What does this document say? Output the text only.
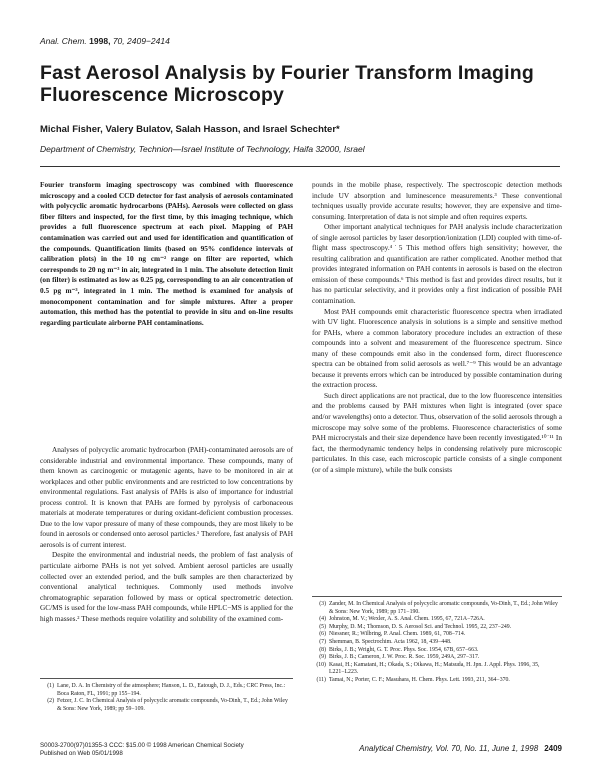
Anal. Chem. 1998, 70, 2409−2414
Fast Aerosol Analysis by Fourier Transform Imaging Fluorescence Microscopy
Michal Fisher, Valery Bulatov, Salah Hasson, and Israel Schechter*
Department of Chemistry, Technion—Israel Institute of Technology, Haifa 32000, Israel
Fourier transform imaging spectroscopy was combined with fluorescence microscopy and a cooled CCD detector for fast analysis of aerosols contaminated with polycyclic aromatic hydrocarbons (PAHs). Aerosols were collected on glass fiber filters and inspected, for the first time, by this imaging technique, which provides a full fluorescence spectrum at each pixel. Mapping of PAH contamination was carried out and used for identification and quantification of the compounds. Quantification limits (based on 95% confidence intervals of calibration plots) in the 10 ng cm⁻² range on filter are reported, which corresponds to 20 ng m⁻³ in air, integrated in 1 min. The absolute detection limit (on filter) is estimated as low as 0.25 pg, corresponding to an air concentration of 0.5 pg m⁻³, integrated in 1 min. The method is examined for analysis of monocomponent contamination and for simple mixtures. After a proper automation, this method has the potential to provide in situ and on-line results regarding particulate airborne PAH contaminations.

Analyses of polycyclic aromatic hydrocarbon (PAH)-contaminated aerosols are of considerable industrial and environmental importance. These compounds, many of them known as carcinogenic or mutagenic agents, have to be monitored in air at workplaces and other public environments and are restricted to low concentrations by environmental regulations. Fast analysis of PAHs is also of importance for industrial process control. It is known that PAHs are formed by pyrolysis of carbonaceous materials at moderate temperatures or during oxidant-deficient combustion processes. Due to the low vapor pressure of many of these compounds, they are most likely to be found in aerosols or condensed onto aerosol particles.¹ Therefore, fast analysis of PAH aerosols is of current interest.

Despite the environmental and industrial needs, the problem of fast analysis of particulate airborne PAHs is not yet solved. Ambient aerosol particles are usually collected over an extended period, and the bulk samples are then characterized by conventional analytical techniques. Commonly used methods involve chromatographic separation followed by mass or optical spectrometric detection. GC/MS is used for the low-mass PAH compounds, while HPLC−MS is applied for the high masses.² These methods require volatility and solubility of the examined com-

pounds in the mobile phase, respectively. The spectroscopic detection methods include UV absorption and luminescence measurements.³ These conventional techniques usually provide accurate results; however, they are expensive and time-consuming. Interpretation of data is not simple and often requires experts.

Other important analytical techniques for PAH analysis include characterization of single aerosol particles by laser desorption/ionization (LDI) coupled with time-of-flight mass spectroscopy.⁴˙5 This method offers high sensitivity; however, the resulting calibration and quantification are rather complicated. Another method that provides integrated information on PAH contents in aerosols is based on the electron emission of these compounds.⁶ This method is fast and provides direct results, but it has no particular selectivity, and it provides only a first indication of possible PAH contamination.

Most PAH compounds emit characteristic fluorescence spectra when irradiated with UV light. Fluorescence analysis in solutions is a simple and sensitive method for PAHs, where a common laboratory procedure includes an extraction of these compounds into a solvent and measurement of the fluorescence spectrum. Since many of these compounds emit also in the condensed form, direct fluorescence spectra can be obtained from solid aerosols as well.⁷⁻⁹ This would be an advantage because it prevents errors which can be introduced by possible contamination during the extraction process.

Such direct applications are not practical, due to the low fluorescence intensities and the problems caused by PAH mixtures when light is integrated (over space and/or wavelengths) onto a detector. Thus, observation of the solid aerosols through a microscope may solve some of the problems. Fluorescence characteristics of some PAH microcrystals and their size dependence have been recently investigated.¹⁰˙¹¹ In fact, the thermodynamic tendency helps in condensing relatively pure microscopic particulates. In this case, each microscopic particle consists of a single component (or of a simple mixture), while the bulk consists

(1) Lane, D. A. In Chemistry of the atmosphere; Hanson, L. D., Eatough, D. J., Eds.; CRC Press, Inc.: Boca Raton, FL, 1991; pp 155−194.
(2) Fetzer, J. C. In Chemical Analysis of polycyclic aromatic compounds, Vo-Dinh, T., Ed.; John Wiley & Sons: New York, 1989; pp 59−109.
(3) Zander, M. In Chemical Analysis of polycyclic aromatic compounds, Vo-Dinh, T., Ed.; John Wiley & Sons: New York, 1989; pp 171−190.
(4) Johnston, M. V.; Wexler, A. S. Anal. Chem. 1995, 67, 721A−726A.
(5) Murphy, D. M.; Thomson, D. S. Aerosol Sci. and Technol. 1995, 22, 237−249.
(6) Niessner, R.; Wilbring, P. Anal. Chem. 1989, 61, 708−714.
(7) Shemman, B. Spectrochim. Acta 1962, 18, 439−448.
(8) Birks, J. B.; Wright, G. T. Proc. Phys. Soc. 1954, 67B, 657−663.
(9) Birks, J. B.; Cameron, J. W. Proc. R. Soc. 1959, 249A, 297−317.
(10) Kasai, H.; Kamatani, H.; Okada, S.; Oikawa, H.; Matsuda, H. Jpn. J. Appl. Phys. 1996, 35, L221−L223.
(11) Tamai, N.; Porter, C. F.; Masuhara, H. Chem. Phys. Lett. 1993, 211, 364−370.
S0003-2700(97)01355-3 CCC: $15.00 © 1998 American Chemical Society
Published on Web 05/01/1998
Analytical Chemistry, Vol. 70, No. 11, June 1, 1998 2409
